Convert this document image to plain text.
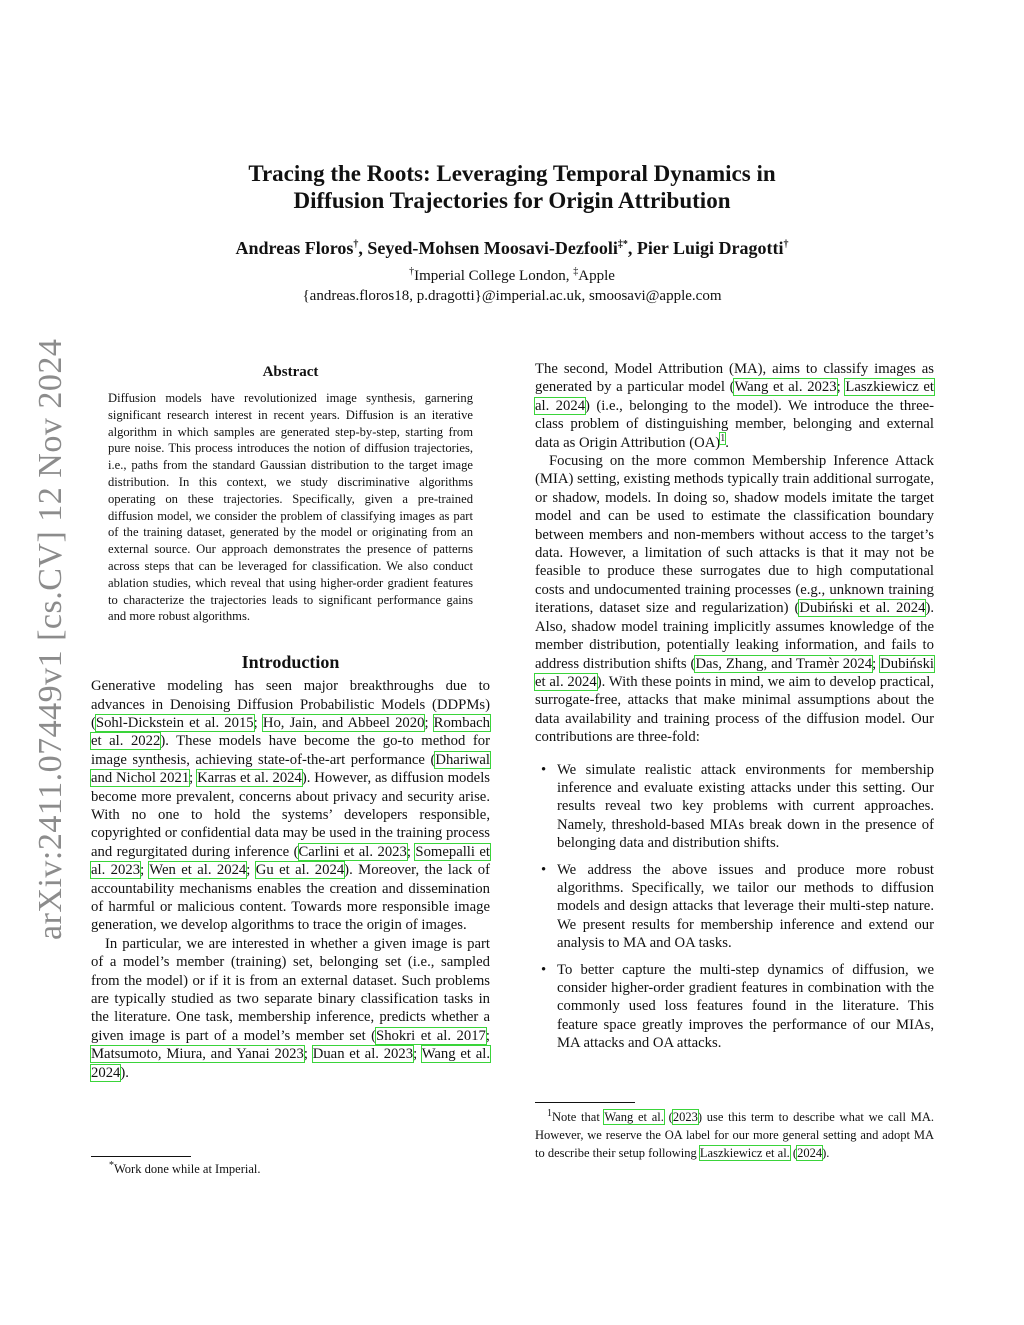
Tracing the Roots: Leveraging Temporal Dynamics in
Diffusion Trajectories for Origin Attribution
Andreas Floros†, Seyed-Mohsen Moosavi-Dezfooli‡*, Pier Luigi Dragotti†
†Imperial College London, ‡Apple
{andreas.floros18, p.dragotti}@imperial.ac.uk, smoosavi@apple.com
arXiv:2411.07449v1 [cs.CV] 12 Nov 2024	Abstract

Diffusion models have revolutionized image synthesis, garnering significant research interest in recent years. Diffusion is an iterative algorithm in which samples are generated step-by-step, starting from pure noise. This process introduces the notion of diffusion trajectories, i.e., paths from the standard Gaussian distribution to the target image distribution. In this context, we study discriminative algorithms operating on these trajectories. Specifically, given a pre-trained diffusion model, we consider the problem of classifying images as part of the training dataset, generated by the model or originating from an external source. Our approach demonstrates the presence of patterns across steps that can be leveraged for classification. We also conduct ablation studies, which reveal that using higher-order gradient features to characterize the trajectories leads to significant performance gains and more robust algorithms.

Introduction

Generative modeling has seen major breakthroughs due to advances in Denoising Diffusion Probabilistic Models (DDPMs) (Sohl-Dickstein et al. 2015; Ho, Jain, and Abbeel 2020; Rombach et al. 2022). These models have become the go-to method for image synthesis, achieving state-of-the-art performance (Dhariwal and Nichol 2021; Karras et al. 2024). However, as diffusion models become more prevalent, concerns about privacy and security arise. With no one to hold the systems’ developers responsible, copyrighted or confidential data may be used in the training process and regurgitated during inference (Carlini et al. 2023; Somepalli et al. 2023; Wen et al. 2024; Gu et al. 2024). Moreover, the lack of accountability mechanisms enables the creation and dissemination of harmful or malicious content. Towards more responsible image generation, we develop algorithms to trace the origin of images.

In particular, we are interested in whether a given image is part of a model’s member (training) set, belonging set (i.e., sampled from the model) or if it is from an external dataset. Such problems are typically studied as two separate binary classification tasks in the literature. One task, membership inference, predicts whether a given image is part of a model’s member set (Shokri et al. 2017; Matsumoto, Miura, and Yanai 2023; Duan et al. 2023; Wang et al. 2024).

*Work done while at Imperial.

The second, Model Attribution (MA), aims to classify images as generated by a particular model (Wang et al. 2023; Laszkiewicz et al. 2024) (i.e., belonging to the model). We introduce the three-class problem of distinguishing member, belonging and external data as Origin Attribution (OA)$^1$.

Focusing on the more common Membership Inference Attack (MIA) setting, existing methods typically train additional surrogate, or shadow, models. In doing so, shadow models imitate the target model and can be used to estimate the classification boundary between members and non-members without access to the target’s data. However, a limitation of such attacks is that it may not be feasible to produce these surrogates due to high computational costs and undocumented training processes (e.g., unknown training iterations, dataset size and regularization) (Dubiński et al. 2024). Also, shadow model training implicitly assumes knowledge of the member distribution, potentially leaking information, and fails to address distribution shifts (Das, Zhang, and Tramèr 2024; Dubiński et al. 2024). With these points in mind, we aim to develop practical, surrogate-free, attacks that make minimal assumptions about the data availability and training process of the diffusion model. Our contributions are three-fold:

• We simulate realistic attack environments for membership inference and evaluate existing attacks under this setting. Our results reveal two key problems with current approaches. Namely, threshold-based MIAs break down in the presence of belonging data and distribution shifts.
• We address the above issues and produce more robust algorithms. Specifically, we tailor our methods to diffusion models and design attacks that leverage their multi-step nature. We present results for membership inference and extend our analysis to MA and OA tasks.
• To better capture the multi-step dynamics of diffusion, we consider higher-order gradient features in combination with the commonly used loss features found in the literature. This feature space greatly improves the performance of our MIAs, MA attacks and OA attacks.

$^1$Note that Wang et al. (2023) use this term to describe what we call MA. However, we reserve the OA label for our more general setting and adopt MA to describe their setup following Laszkiewicz et al. (2024).
